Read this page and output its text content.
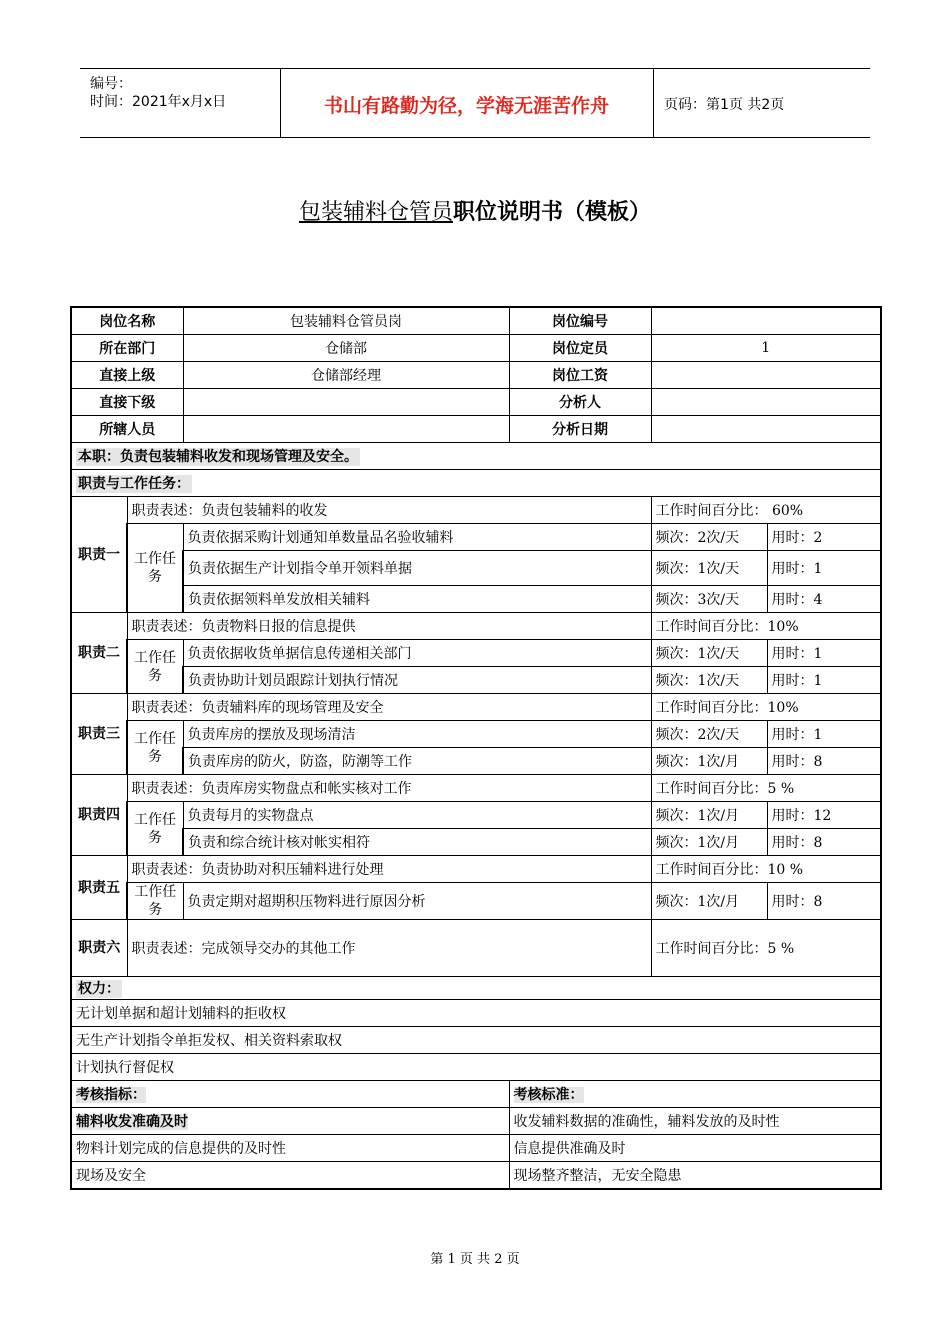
编号：
时间：2021年x月x日	书山有路勤为径，学海无涯苦作舟	页码：第1页 共2页
包装辅料仓管员职位说明书（模板）
岗位名称		包装辅料仓管员岗	岗位编号		
所在部门		仓储部	岗位定员	1	
直接上级		仓储部经理	岗位工资		
直接下级			分析人		
所辖人员			分析日期		
本职：负责包装辅料收发和现场管理及安全。					
职责与工作任务：					
职责一	职责表述：负责包装辅料的收发			工作时间百分比： 60%	
	工作任务	负责依据采购计划通知单数量品名验收辅料		频次：2次/天	用时：2
		负责依据生产计划指令单开领料单据		频次：1次/天	用时：1
		负责依据领料单发放相关辅料		频次：3次/天	用时：4
职责二	职责表述：负责物料日报的信息提供			工作时间百分比：10%	
	工作任务	负责依据收货单据信息传递相关部门		频次：1次/天	用时：1
		负责协助计划员跟踪计划执行情况		频次：1次/天	用时：1
职责三	职责表述：负责辅料库的现场管理及安全			工作时间百分比：10%	
	工作任务	负责库房的摆放及现场清洁		频次：2次/天	用时：1
		负责库房的防火，防盗，防潮等工作		频次：1次/月	用时：8
职责四	职责表述：负责库房实物盘点和帐实核对工作			工作时间百分比：5 %	
	工作任务	负责每月的实物盘点		频次：1次/月	用时：12
		负责和综合统计核对帐实相符		频次：1次/月	用时：8
职责五	职责表述：负责协助对积压辅料进行处理			工作时间百分比：10 %	
	工作任务	负责定期对超期积压物料进行原因分析		频次：1次/月	用时：8
职责六	职责表述：完成领导交办的其他工作			工作时间百分比：5 %	
权力：					
无计划单据和超计划辅料的拒收权					
无生产计划指令单拒发权、相关资料索取权					
计划执行督促权					
考核指标：			考核标准：		
辅料收发准确及时			收发辅料数据的准确性，辅料发放的及时性		
物料计划完成的信息提供的及时性			信息提供准确及时		
现场及安全			现场整齐整洁，无安全隐患		
第 1 页 共 2 页
